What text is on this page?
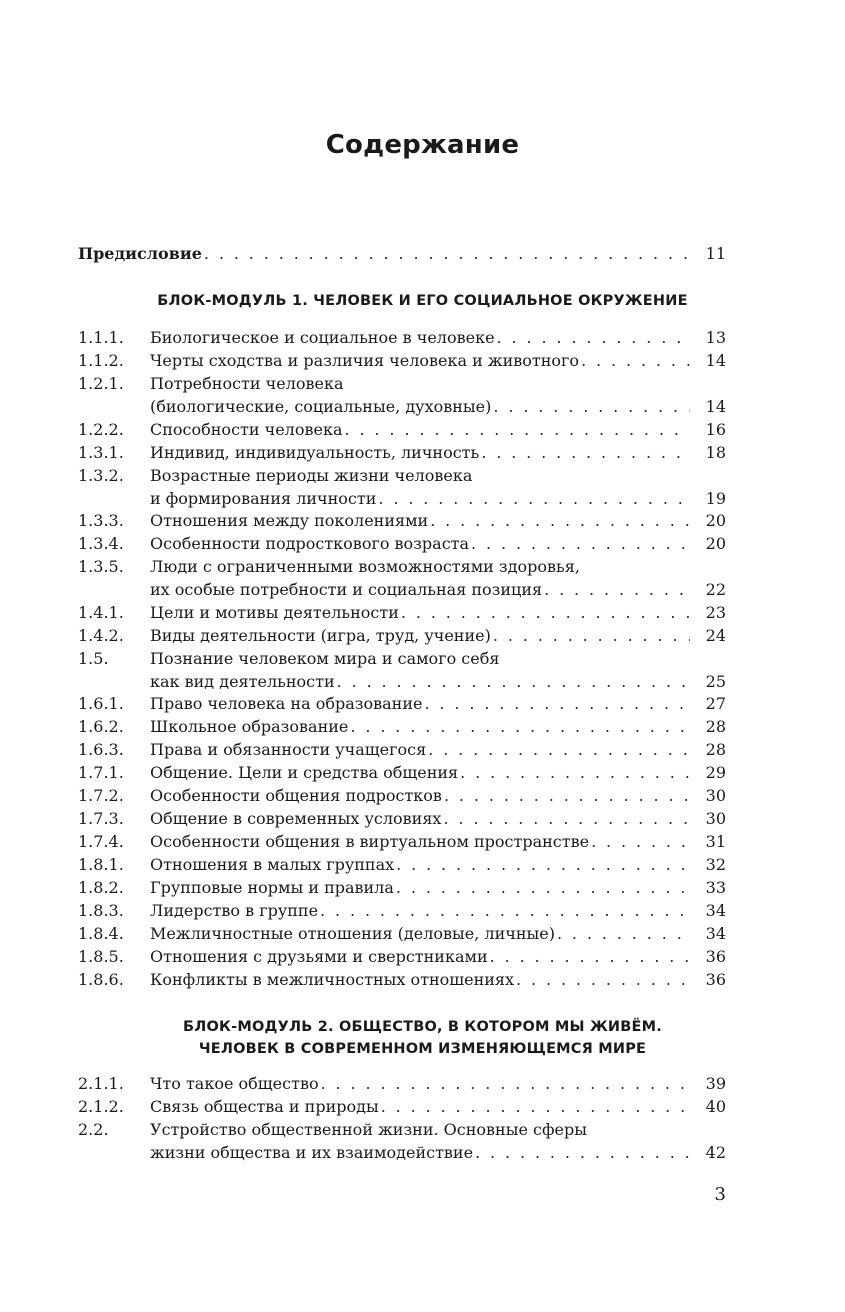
Содержание
Предисловие . . .	11
1.1.1. Биологическое и социальное в человеке . . .	13
1.1.2. Черты сходства и различия человека и животного . . .	14
1.2.1. Потребности человека
(биологические, социальные, духовные) . . .	14
1.2.2. Способности человека . . .	16
1.3.1. Индивид, индивидуальность, личность . . .	18
1.3.2. Возрастные периоды жизни человека
и формирования личности . . .	19
1.3.3. Отношения между поколениями . . .	20
1.3.4. Особенности подросткового возраста . . .	20
1.3.5. Люди с ограниченными возможностями здоровья,
их особые потребности и социальная позиция . . .	22
1.4.1. Цели и мотивы деятельности . . .	23
1.4.2. Виды деятельности (игра, труд, учение) . . .	24
1.5.	Познание человеком мира и самого себя
как вид деятельности . . .	25
1.6.1. Право человека на образование . . .	27
1.6.2. Школьное образование . . .	28
1.6.3. Права и обязанности учащегося . . .	28
1.7.1. Общение. Цели и средства общения . . .	29
1.7.2. Особенности общения подростков . . .	30
1.7.3. Общение в современных условиях . . .	30
1.7.4. Особенности общения в виртуальном пространстве . . .	31
1.8.1. Отношения в малых группах . . .	32
1.8.2. Групповые нормы и правила . . .	33
1.8.3. Лидерство в группе . . .	34
1.8.4. Межличностные отношения (деловые, личные) . . .	34
1.8.5. Отношения с друзьями и сверстниками . . .	36
1.8.6. Конфликты в межличностных отношениях . . .	36
2.1.1. Что такое общество . . .	39
2.1.2. Связь общества и природы . . .	40
2.2.	Устройство общественной жизни. Основные сферы
жизни общества и их взаимодействие . . .	42
БЛОК-МОДУЛЬ 1. ЧЕЛОВЕК И ЕГО СОЦИАЛЬНОЕ ОКРУЖЕНИЕ
БЛОК-МОДУЛЬ 2. ОБЩЕСТВО, В КОТОРОМ МЫ ЖИВЁМ.
ЧЕЛОВЕК В СОВРЕМЕННОМ ИЗМЕНЯЮЩЕМСЯ МИРЕ
3
